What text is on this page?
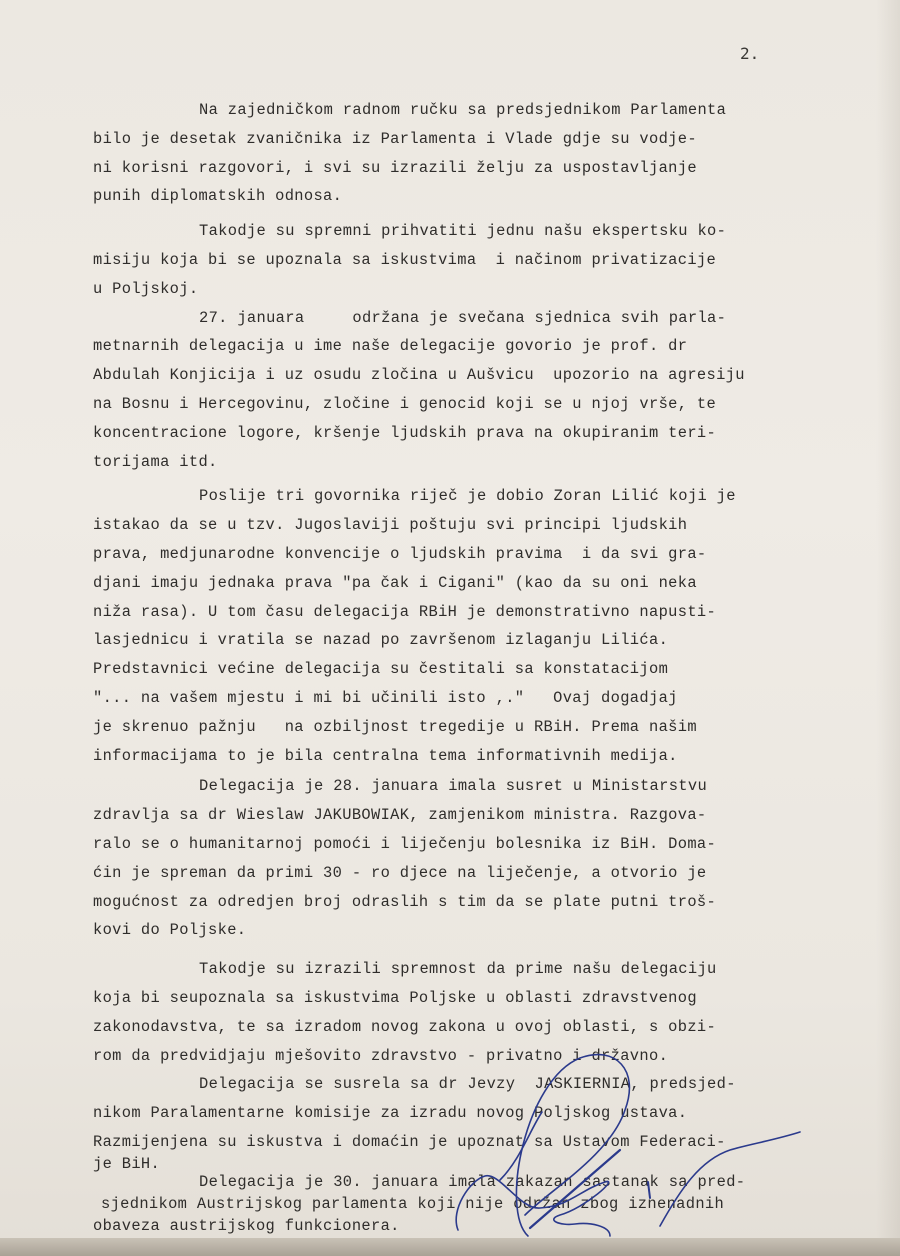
2.
Na zajedničkom radnom ručku sa predsjednikom Parlamenta
bilo je desetak zvaničnika iz Parlamenta i Vlade gdje su vodje-
ni korisni razgovori, i svi su izrazili želju za uspostavljanje
punih diplomatskih odnosa.
Takodje su spremni prihvatiti jednu našu ekspertsku ko-
misiju koja bi se upoznala sa iskustvima  i načinom privatizacije
u Poljskoj.
27. januara     održana je svečana sjednica svih parla-
metnarnih delegacija u ime naše delegacije govorio je prof. dr
Abdulah Konjicija i uz osudu zločina u Aušvicu  upozorio na agresiju
na Bosnu i Hercegovinu, zločine i genocid koji se u njoj vrše, te
koncentracione logore, kršenje ljudskih prava na okupiranim teri-
torijama itd.
Poslije tri govornika riječ je dobio Zoran Lilić koji je
istakao da se u tzv. Jugoslaviji poštuju svi principi ljudskih
prava, medjunarodne konvencije o ljudskih pravima  i da svi gra-
djani imaju jednaka prava "pa čak i Cigani" (kao da su oni neka
niža rasa). U tom času delegacija RBiH je demonstrativno napusti-
lasjednicu i vratila se nazad po završenom izlaganju Lilića.
Predstavnici većine delegacija su čestitali sa konstatacijom
"... na vašem mjestu i mi bi učinili isto ,."   Ovaj dogadjaj
je skrenuo pažnju   na ozbiljnost tregedije u RBiH. Prema našim
informacijama to je bila centralna tema informativnih medija.
Delegacija je 28. januara imala susret u Ministarstvu
zdravlja sa dr Wieslaw JAKUBOWIAK, zamjenikom ministra. Razgova-
ralo se o humanitarnoj pomoći i liječenju bolesnika iz BiH. Doma-
ćin je spreman da primi 30 - ro djece na liječenje, a otvorio je
mogućnost za odredjen broj odraslih s tim da se plate putni troš-
kovi do Poljske.
Takodje su izrazili spremnost da prime našu delegaciju
koja bi seupoznala sa iskustvima Poljske u oblasti zdravstvenog
zakonodavstva, te sa izradom novog zakona u ovoj oblasti, s obzi-
rom da predvidjaju mješovito zdravstvo - privatno i državno.
Delegacija se susrela sa dr Jevzy  JASKIERNIA, predsjed-
nikom Paralamentarne komisije za izradu novog Poljskog ustava.
Razmijenjena su iskustva i domaćin je upoznat sa Ustavom Federaci-
je BiH.
Delegacija je 30. januara imala zakazan sastanak sa pred-
sjednikom Austrijskog parlamenta koji nije održan zbog iznenadnih
obaveza austrijskog funkcionera.
